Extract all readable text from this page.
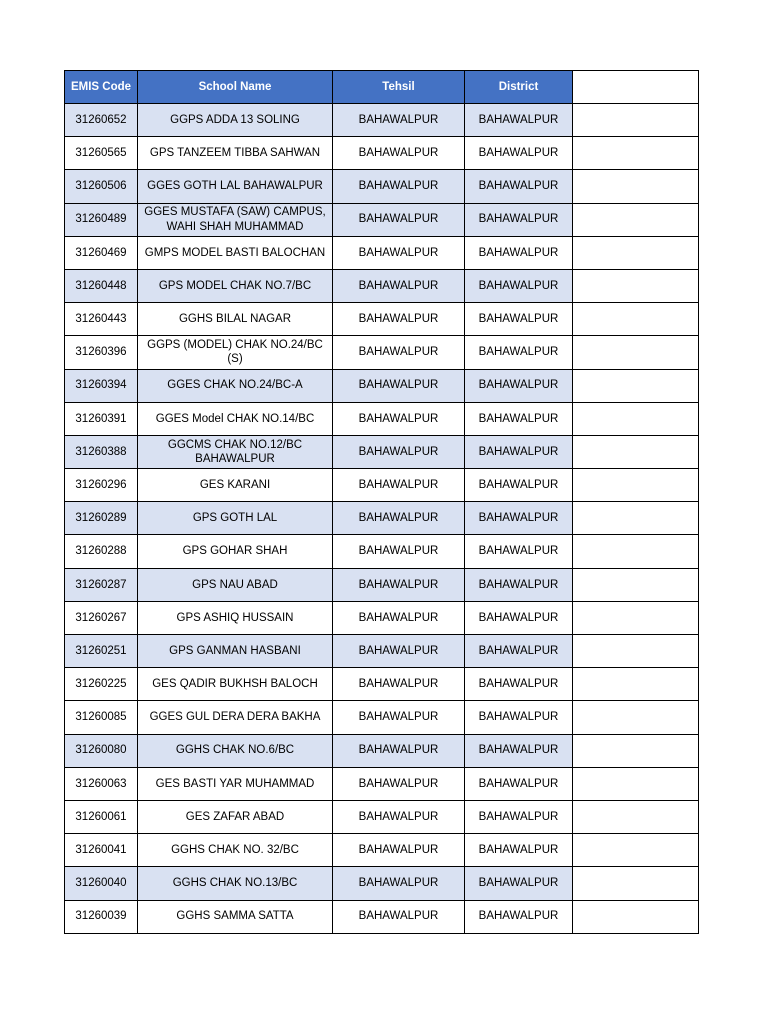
EMIS Code	School Name	Tehsil	District	
31260652	GGPS ADDA 13 SOLING	BAHAWALPUR	BAHAWALPUR	
31260565	GPS TANZEEM TIBBA SAHWAN	BAHAWALPUR	BAHAWALPUR	
31260506	GGES GOTH LAL BAHAWALPUR	BAHAWALPUR	BAHAWALPUR	
31260489	GGES MUSTAFA (SAW) CAMPUS, WAHI SHAH MUHAMMAD	BAHAWALPUR	BAHAWALPUR	
31260469	GMPS MODEL BASTI BALOCHAN	BAHAWALPUR	BAHAWALPUR	
31260448	GPS MODEL CHAK NO.7/BC	BAHAWALPUR	BAHAWALPUR	
31260443	GGHS BILAL NAGAR	BAHAWALPUR	BAHAWALPUR	
31260396	GGPS (MODEL) CHAK NO.24/BC (S)	BAHAWALPUR	BAHAWALPUR	
31260394	GGES CHAK NO.24/BC-A	BAHAWALPUR	BAHAWALPUR	
31260391	GGES Model CHAK NO.14/BC	BAHAWALPUR	BAHAWALPUR	
31260388	GGCMS CHAK NO.12/BC BAHAWALPUR	BAHAWALPUR	BAHAWALPUR	
31260296	GES KARANI	BAHAWALPUR	BAHAWALPUR	
31260289	GPS GOTH LAL	BAHAWALPUR	BAHAWALPUR	
31260288	GPS GOHAR SHAH	BAHAWALPUR	BAHAWALPUR	
31260287	GPS NAU ABAD	BAHAWALPUR	BAHAWALPUR	
31260267	GPS ASHIQ HUSSAIN	BAHAWALPUR	BAHAWALPUR	
31260251	GPS GANMAN HASBANI	BAHAWALPUR	BAHAWALPUR	
31260225	GES QADIR BUKHSH BALOCH	BAHAWALPUR	BAHAWALPUR	
31260085	GGES GUL DERA DERA BAKHA	BAHAWALPUR	BAHAWALPUR	
31260080	GGHS CHAK NO.6/BC	BAHAWALPUR	BAHAWALPUR	
31260063	GES BASTI YAR MUHAMMAD	BAHAWALPUR	BAHAWALPUR	
31260061	GES ZAFAR ABAD	BAHAWALPUR	BAHAWALPUR	
31260041	GGHS CHAK NO. 32/BC	BAHAWALPUR	BAHAWALPUR	
31260040	GGHS CHAK NO.13/BC	BAHAWALPUR	BAHAWALPUR	
31260039	GGHS SAMMA SATTA	BAHAWALPUR	BAHAWALPUR	
